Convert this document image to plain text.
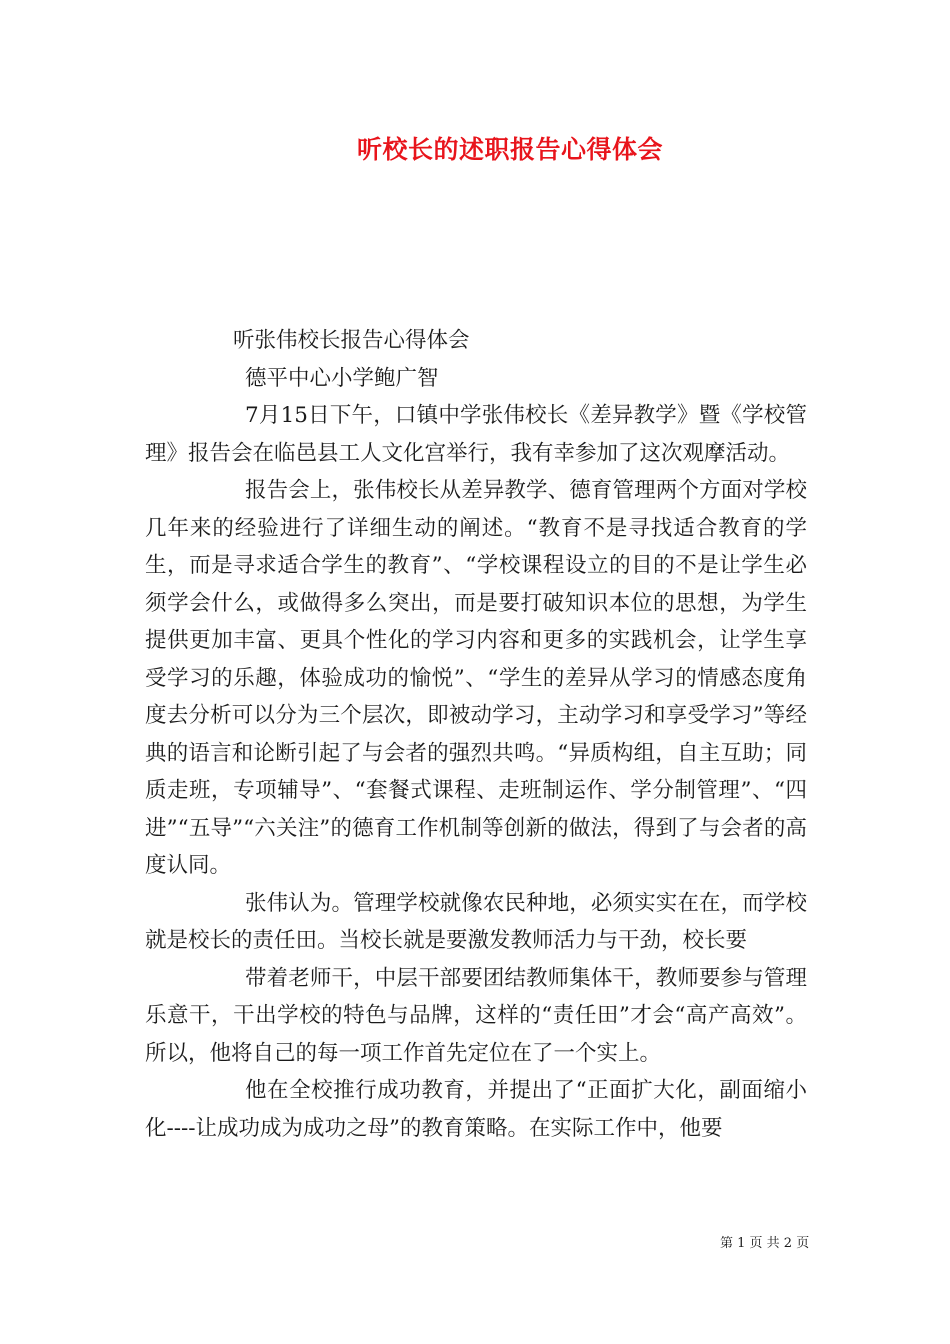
听校长的述职报告心得体会
听张伟校长报告心得体会
德平中心小学鲍广智
7月15日下午，口镇中学张伟校长《差异教学》暨《学校管理》报告会在临邑县工人文化宫举行，我有幸参加了这次观摩活动。
报告会上，张伟校长从差异教学、德育管理两个方面对学校几年来的经验进行了详细生动的阐述。“教育不是寻找适合教育的学生，而是寻求适合学生的教育”、“学校课程设立的目的不是让学生必须学会什么，或做得多么突出，而是要打破知识本位的思想，为学生提供更加丰富、更具个性化的学习内容和更多的实践机会，让学生享受学习的乐趣，体验成功的愉悦”、“学生的差异从学习的情感态度角度去分析可以分为三个层次，即被动学习，主动学习和享受学习”等经典的语言和论断引起了与会者的强烈共鸣。“异质构组，自主互助；同质走班，专项辅导”、“套餐式课程、走班制运作、学分制管理”、“四进”“五导”“六关注”的德育工作机制等创新的做法，得到了与会者的高度认同。
张伟认为。管理学校就像农民种地，必须实实在在，而学校就是校长的责任田。当校长就是要激发教师活力与干劲，校长要
带着老师干，中层干部要团结教师集体干，教师要参与管理乐意干，干出学校的特色与品牌，这样的“责任田”才会“高产高效”。所以，他将自己的每一项工作首先定位在了一个实上。
他在全校推行成功教育，并提出了“正面扩大化，副面缩小化----让成功成为成功之母”的教育策略。在实际工作中，他要
第 1 页 共 2 页
